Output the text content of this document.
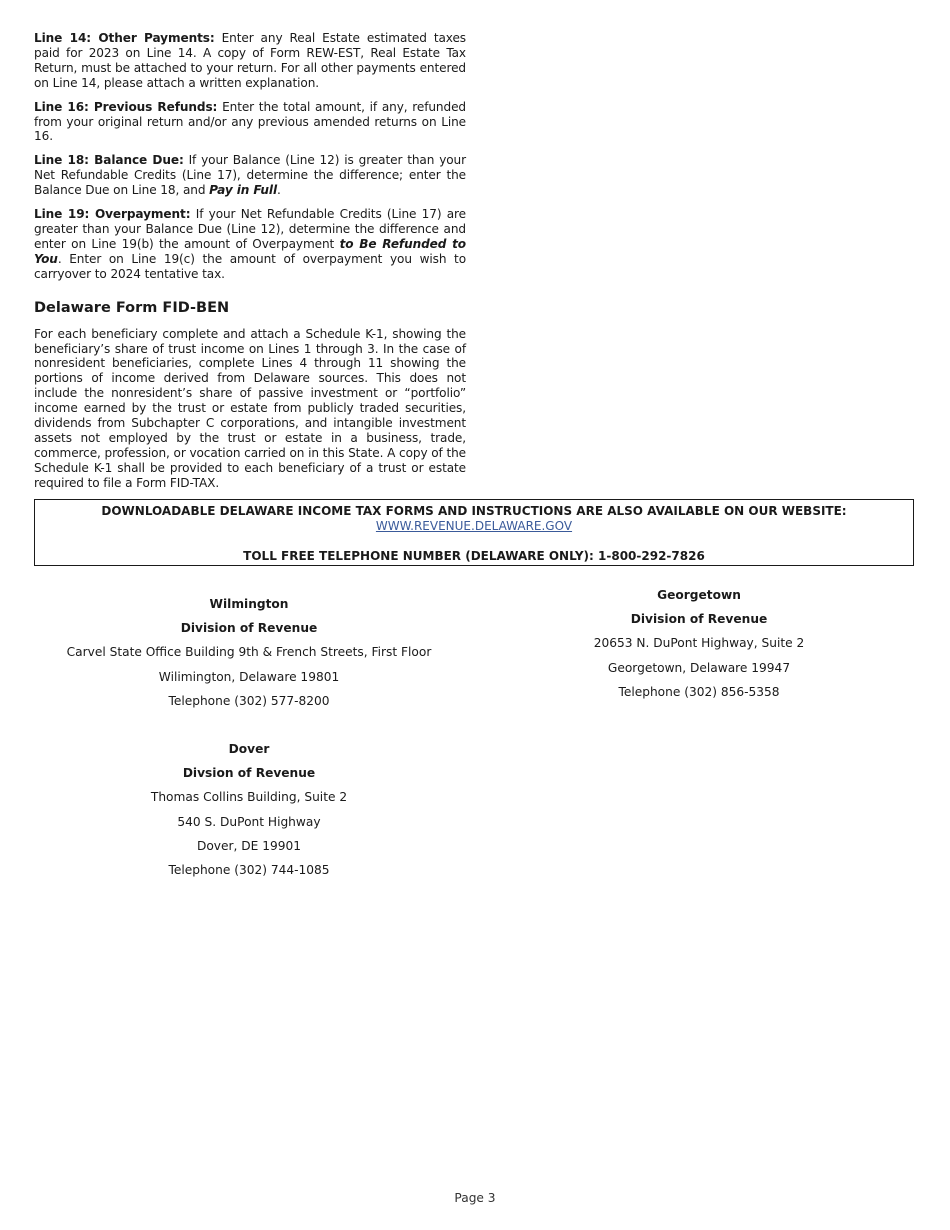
Line 14: Other Payments: Enter any Real Estate estimated taxes paid for 2023 on Line 14. A copy of Form REW-EST, Real Estate Tax Return, must be attached to your return. For all other payments entered on Line 14, please attach a written explanation.

Line 16: Previous Refunds: Enter the total amount, if any, refunded from your original return and/or any previous amended returns on Line 16.

Line 18: Balance Due: If your Balance (Line 12) is greater than your Net Refundable Credits (Line 17), determine the difference; enter the Balance Due on Line 18, and Pay in Full.

Line 19: Overpayment: If your Net Refundable Credits (Line 17) are greater than your Balance Due (Line 12), determine the difference and enter on Line 19(b) the amount of Overpayment to Be Refunded to You. Enter on Line 19(c) the amount of overpayment you wish to carryover to 2024 tentative tax.

Delaware Form FID-BEN

For each beneficiary complete and attach a Schedule K-1, showing the beneficiary’s share of trust income on Lines 1 through 3. In the case of nonresident beneficiaries, complete Lines 4 through 11 showing the portions of income derived from Delaware sources. This does not include the nonresident’s share of passive investment or “portfolio” income earned by the trust or estate from publicly traded securities, dividends from Subchapter C corporations, and intangible investment assets not employed by the trust or estate in a business, trade, commerce, profession, or vocation carried on in this State. A copy of the Schedule K-1 shall be provided to each beneficiary of a trust or estate required to file a Form FID-TAX.

DOWNLOADABLE DELAWARE INCOME TAX FORMS AND INSTRUCTIONS ARE ALSO AVAILABLE ON OUR WEBSITE:
WWW.REVENUE.DELAWARE.GOV
TOLL FREE TELEPHONE NUMBER (DELAWARE ONLY): 1-800-292-7826
Wilmington
Division of Revenue
Carvel State Office Building 9th & French Streets, First Floor
Wilimington, Delaware 19801
Telephone (302) 577-8200
Dover
Divsion of Revenue
Thomas Collins Building, Suite 2
540 S. DuPont Highway
Dover, DE 19901
Telephone (302) 744-1085
Georgetown
Division of Revenue
20653 N. DuPont Highway, Suite 2
Georgetown, Delaware 19947
Telephone (302) 856-5358
Page 3
